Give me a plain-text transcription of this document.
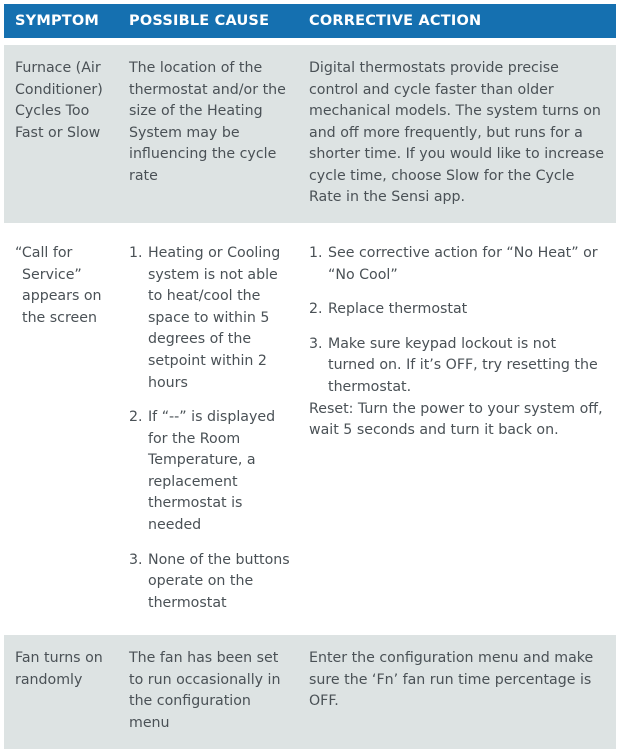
SYMPTOM	POSSIBLE CAUSE	CORRECTIVE ACTION

Furnace (Air Conditioner) Cycles Too Fast or Slow

The location of the thermostat and/or the size of the Heating System may be influencing the cycle rate

Digital thermostats provide precise control and cycle faster than older mechanical models. The system turns on and off more frequently, but runs for a shorter time. If you would like to increase cycle time, choose Slow for the Cycle Rate in the Sensi app.

“Call for Service” appears on the screen

Heating or Cooling system is not able to heat/cool the space to within 5 degrees of the setpoint within 2 hours
If “--” is displayed for the Room Temperature, a replacement thermostat is needed
None of the buttons operate on the thermostat
See corrective action for “No Heat” or “No Cool”
Replace thermostat
Make sure keypad lockout is not turned on. If it’s OFF, try resetting the thermostat.

Reset: Turn the power to your system off, wait 5 seconds and turn it back on.

Fan turns on randomly

The fan has been set to run occasionally in the configuration menu

Enter the configuration menu and make sure the ‘Fn’ fan run time percentage is OFF.
